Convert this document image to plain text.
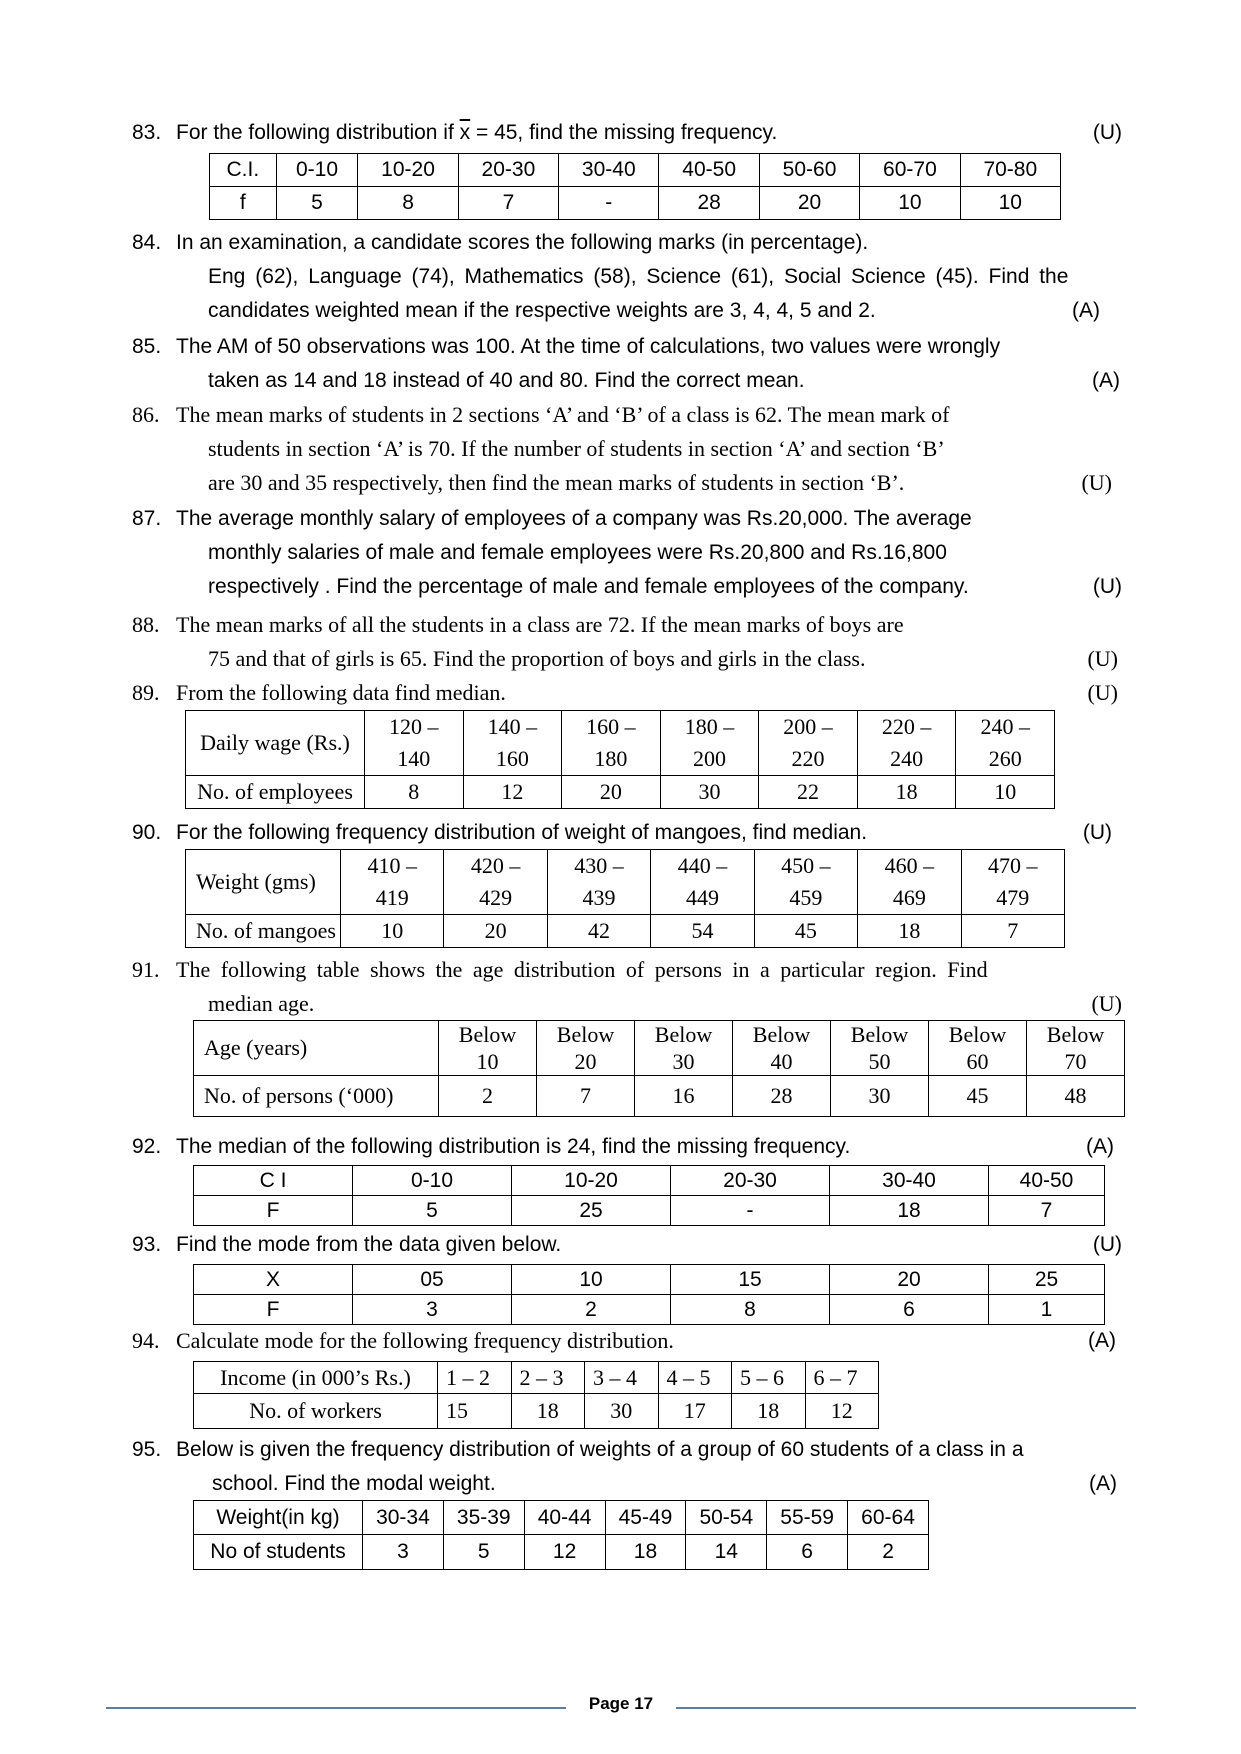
83. For the following distribution if $\overline{x} = 45$, find the missing frequency.	(U)
C.I.	0-10	10-20	20-30	30-40	40-50	50-60	60-70	70-80
f	5	8	7	-	28	20	10	10
84. In an examination, a candidate scores the following marks (in percentage).
Eng (62), Language (74), Mathematics (58), Science (61), Social Science (45). Find the
candidates weighted mean if the respective weights are 3, 4, 4, 5 and 2.	(A)
85. The AM of 50 observations was 100. At the time of calculations, two values were wrongly
taken as 14 and 18 instead of 40 and 80. Find the correct mean.	(A)
86. The mean marks of students in 2 sections ‘A’ and ‘B’ of a class is 62. The mean mark of
students in section ‘A’ is 70. If the number of students in section ‘A’ and section ‘B’
are 30 and 35 respectively, then find the mean marks of students in section ‘B’.	(U)
87. The average monthly salary of employees of a company was Rs.20,000. The average
monthly salaries of male and female employees were Rs.20,800 and Rs.16,800
respectively . Find the percentage of male and female employees of the company.	(U)
88. The mean marks of all the students in a class are 72. If the mean marks of boys are
75 and that of girls is 65. Find the proportion of boys and girls in the class.	(U)
89. From the following data find median.	(U)
Daily wage (Rs.)	120 –	140 –	160 –	180 –	200 –	220 –	240 –
	140	160	180	200	220	240	260
No. of employees	8	12	20	30	22	18	10
90. For the following frequency distribution of weight of mangoes, find median.	(U)
Weight (gms)	410 –	420 –	430 –	440 –	450 –	460 –	470 –
	419	429	439	449	459	469	479
No. of mangoes	10	20	42	54	45	18	7
91. The following table shows the age distribution of persons in a particular region. Find
median age.	(U)
Age (years)	Below	Below	Below	Below	Below	Below	Below
	10	20	30	40	50	60	70
No. of persons (‘000)	2	7	16	28	30	45	48
92. The median of the following distribution is 24, find the missing frequency.	(A)
C I	0-10	10-20	20-30	30-40	40-50
F	5	25	-	18	7
93. Find the mode from the data given below.	(U)
X	05	10	15	20	25
F	3	2	8	6	1
94. Calculate mode for the following frequency distribution.	(A)
Income (in 000’s Rs.)	1 – 2	2 – 3	3 – 4	4 – 5	5 – 6	6 – 7
No. of workers	15	18	30	17	18	12
95. Below is given the frequency distribution of weights of a group of 60 students of a class in a
school. Find the modal weight.	(A)
Weight(in kg)	30-34	35-39	40-44	45-49	50-54	55-59	60-64
No of students	3	5	12	18	14	6	2
Page 17
